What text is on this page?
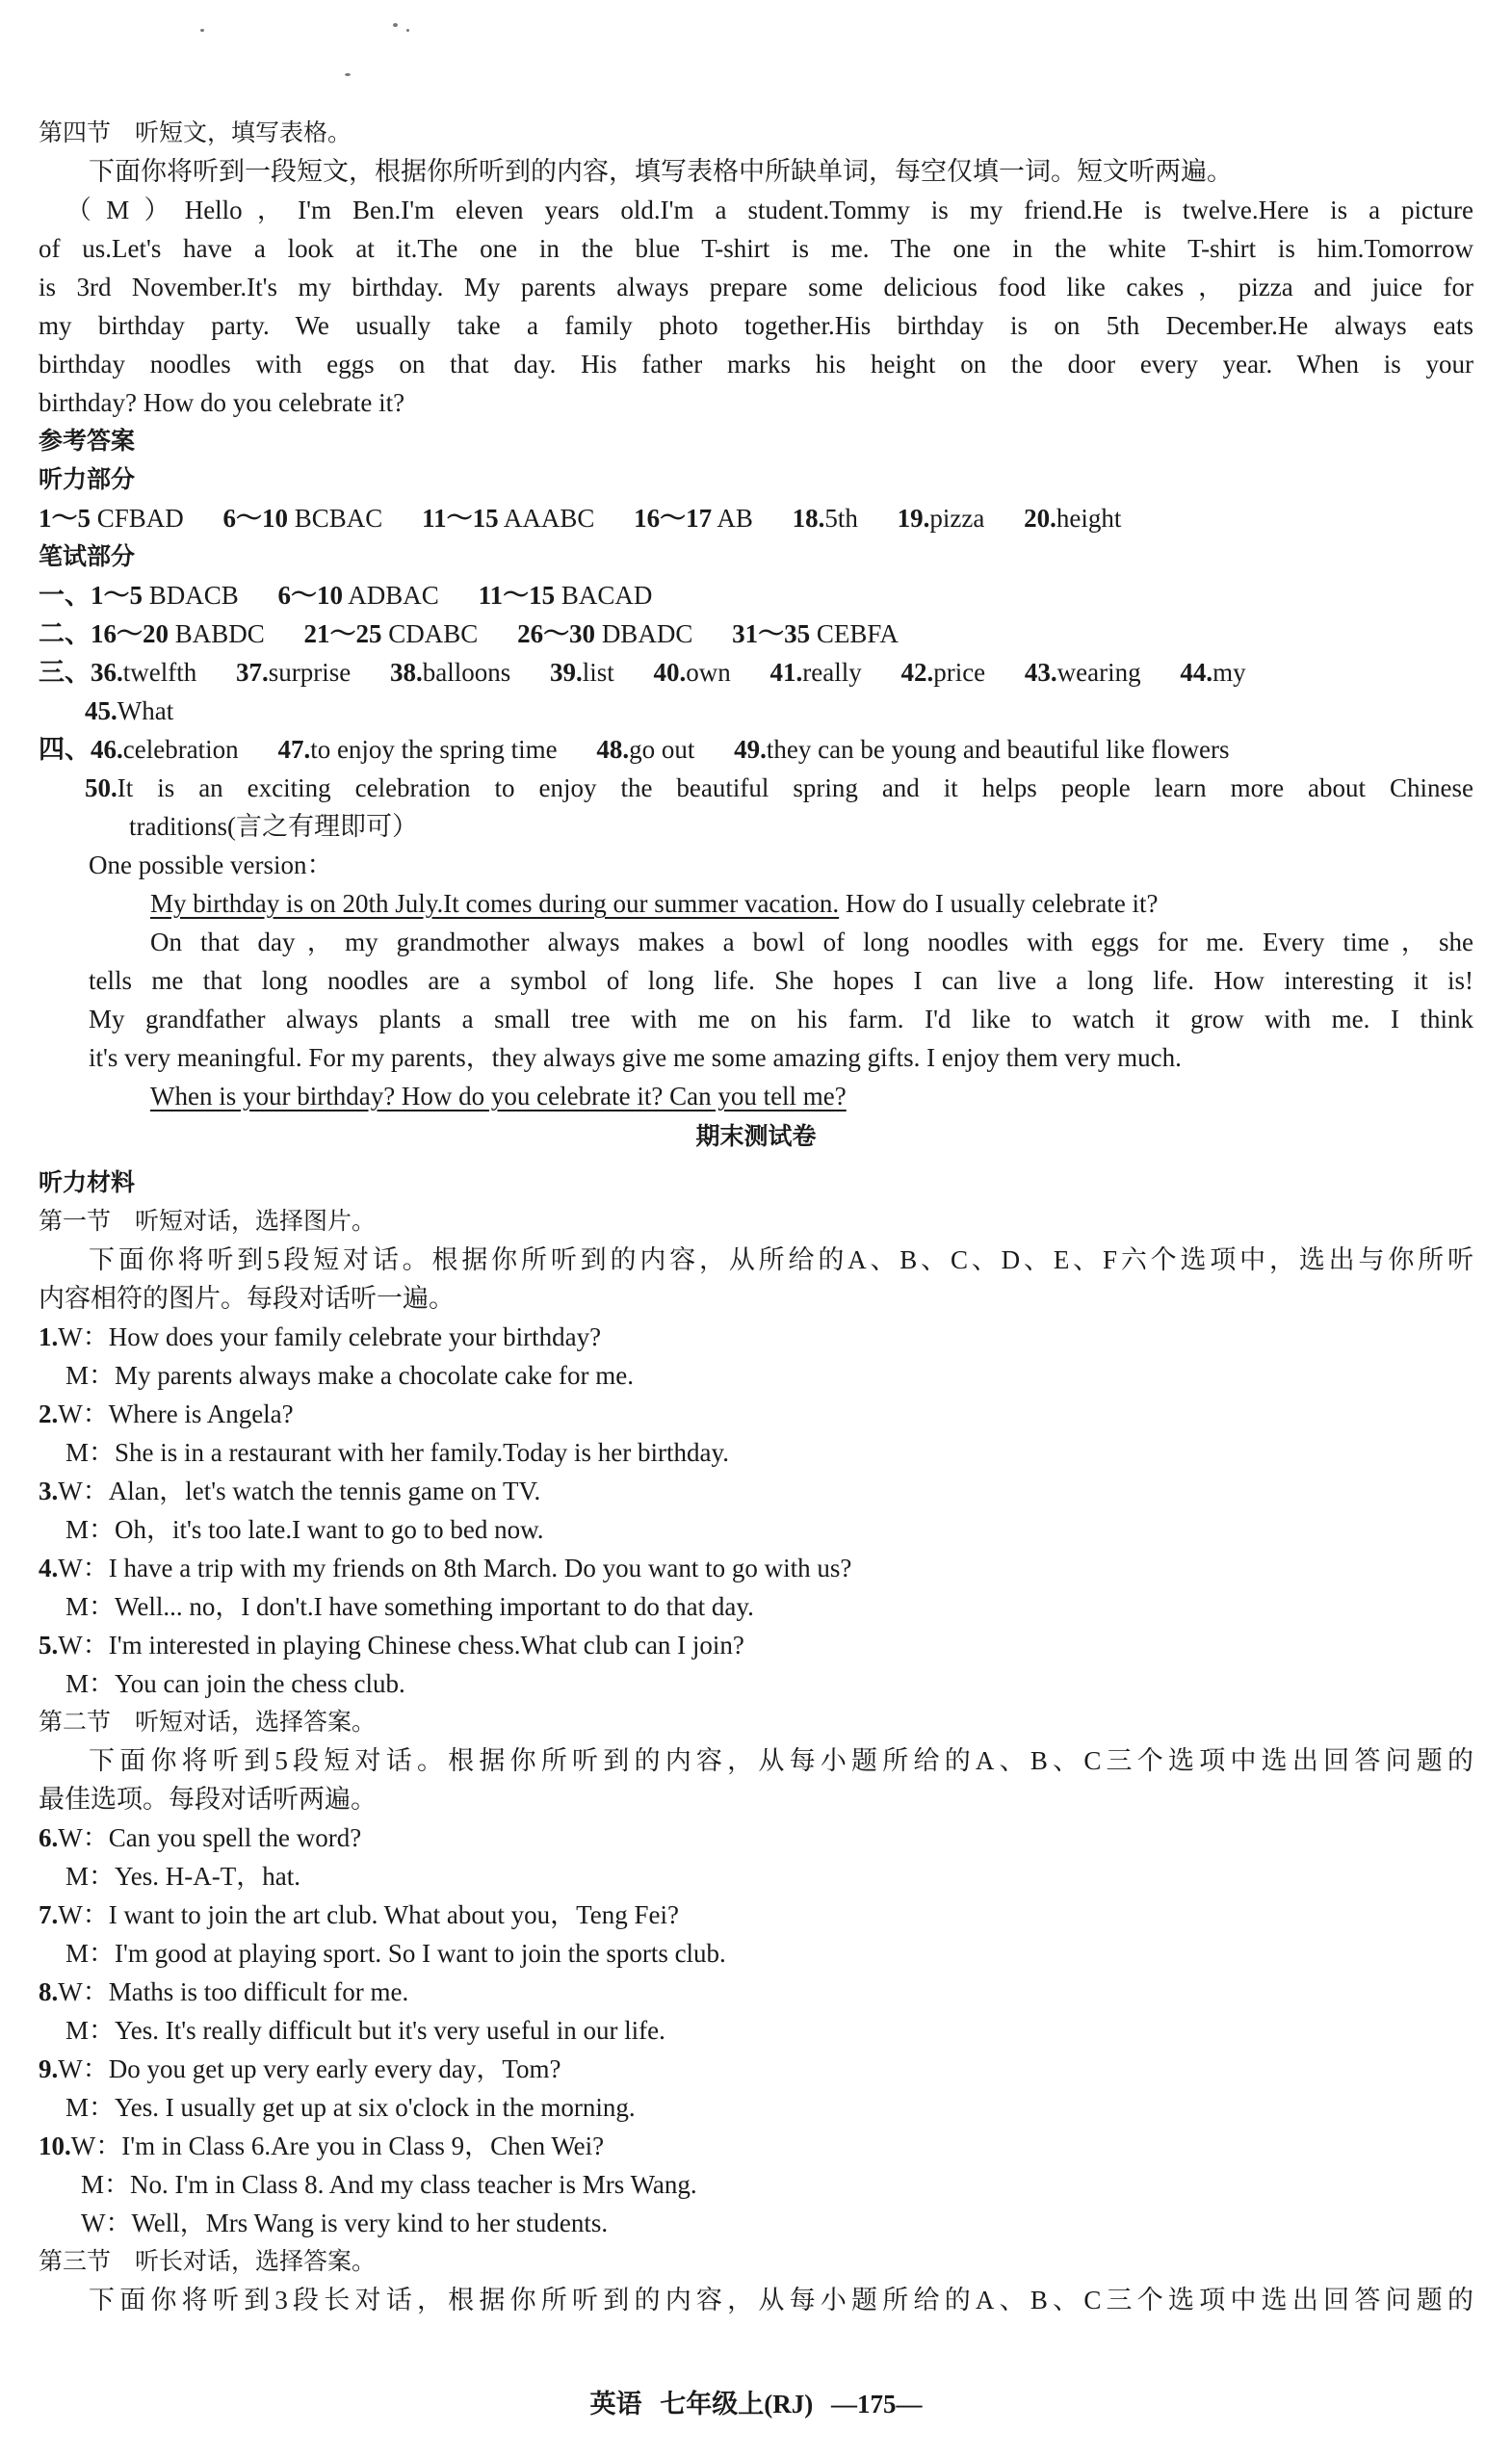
第四节　听短文，填写表格。
下面你将听到一段短文，根据你所听到的内容，填写表格中所缺单词，每空仅填一词。短文听两遍。
（M）Hello，I'm Ben.I'm eleven years old.I'm a student.Tommy is my friend.He is twelve.Here is a picture
of us.Let's have a look at it.The one in the blue T-shirt is me. The one in the white T-shirt is him.Tomorrow
is 3rd November.It's my birthday. My parents always prepare some delicious food like cakes，pizza and juice for
my birthday party. We usually take a family photo together.His birthday is on 5th December.He always eats
birthday noodles with eggs on that day. His father marks his height on the door every year. When is your
birthday? How do you celebrate it?
参考答案
听力部分
1～5 CFBAD 6～10 BCBAC 11～15 AAABC 16～17 AB 18.5th 19.pizza 20.height
笔试部分
一、1～5 BDACB 6～10 ADBAC 11～15 BACAD
二、16～20 BABDC 21～25 CDABC 26～30 DBADC 31～35 CEBFA
三、36.twelfth 37.surprise 38.balloons 39.list 40.own 41.really 42.price 43.wearing 44.my
45.What
四、46.celebration 47.to enjoy the spring time 48.go out 49.they can be young and beautiful like flowers
50.It is an exciting celebration to enjoy the beautiful spring and it helps people learn more about Chinese
traditions(言之有理即可）
One possible version：
My birthday is on 20th July.It comes during our summer vacation. How do I usually celebrate it?
On that day，my grandmother always makes a bowl of long noodles with eggs for me. Every time，she
tells me that long noodles are a symbol of long life. She hopes I can live a long life. How interesting it is!
My grandfather always plants a small tree with me on his farm. I'd like to watch it grow with me. I think
it's very meaningful. For my parents，they always give me some amazing gifts. I enjoy them very much.
When is your birthday? How do you celebrate it? Can you tell me?
期末测试卷
听力材料
第一节　听短对话，选择图片。
下面你将听到5段短对话。根据你所听到的内容，从所给的A、B、C、D、E、F六个选项中，选出与你所听
内容相符的图片。每段对话听一遍。
1.W：How does your family celebrate your birthday?
M：My parents always make a chocolate cake for me.
2.W：Where is Angela?
M：She is in a restaurant with her family.Today is her birthday.
3.W：Alan，let's watch the tennis game on TV.
M：Oh，it's too late.I want to go to bed now.
4.W：I have a trip with my friends on 8th March. Do you want to go with us?
M：Well... no，I don't.I have something important to do that day.
5.W：I'm interested in playing Chinese chess.What club can I join?
M：You can join the chess club.
第二节　听短对话，选择答案。
下面你将听到5段短对话。根据你所听到的内容，从每小题所给的A、B、C三个选项中选出回答问题的
最佳选项。每段对话听两遍。
6.W：Can you spell the word?
M：Yes. H-A-T，hat.
7.W：I want to join the art club. What about you，Teng Fei?
M：I'm good at playing sport. So I want to join the sports club.
8.W：Maths is too difficult for me.
M：Yes. It's really difficult but it's very useful in our life.
9.W：Do you get up very early every day，Tom?
M：Yes. I usually get up at six o'clock in the morning.
10.W：I'm in Class 6.Are you in Class 9，Chen Wei?
M：No. I'm in Class 8. And my class teacher is Mrs Wang.
W：Well，Mrs Wang is very kind to her students.
第三节　听长对话，选择答案。
下面你将听到3段长对话，根据你所听到的内容，从每小题所给的A、B、C三个选项中选出回答问题的
英语 七年级上(RJ) —175—
